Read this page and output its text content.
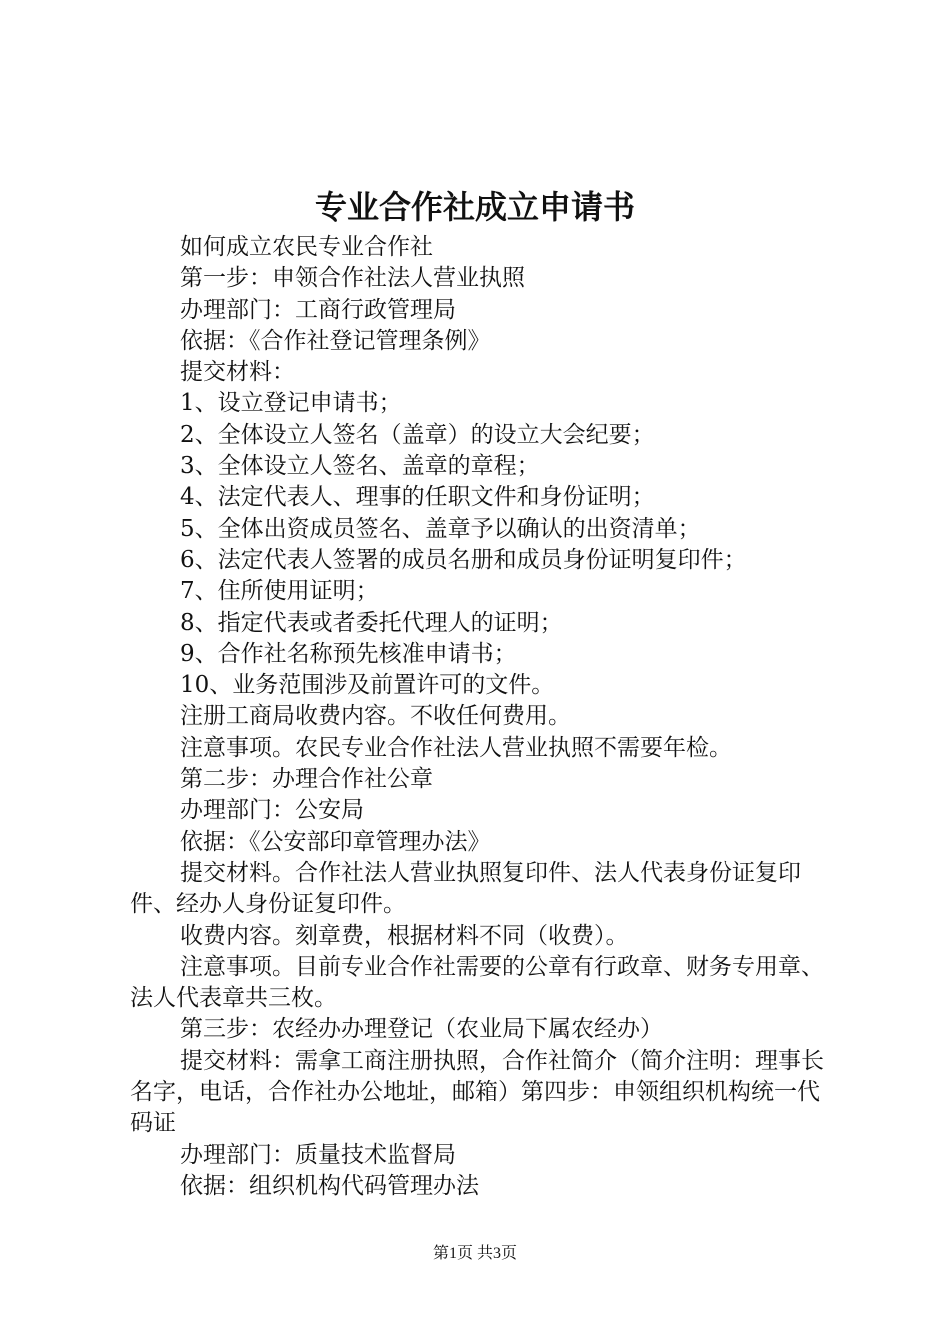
专业合作社成立申请书

如何成立农民专业合作社

第一步：申领合作社法人营业执照

办理部门：工商行政管理局

依据：《合作社登记管理条例》

提交材料：

1、设立登记申请书；

2、全体设立人签名（盖章）的设立大会纪要；

3、全体设立人签名、盖章的章程；

4、法定代表人、理事的任职文件和身份证明；

5、全体出资成员签名、盖章予以确认的出资清单；

6、法定代表人签署的成员名册和成员身份证明复印件；

7、住所使用证明；

8、指定代表或者委托代理人的证明；

9、合作社名称预先核准申请书；

10、业务范围涉及前置许可的文件。

注册工商局收费内容。不收任何费用。

注意事项。农民专业合作社法人营业执照不需要年检。

第二步：办理合作社公章

办理部门：公安局

依据：《公安部印章管理办法》

提交材料。合作社法人营业执照复印件、法人代表身份证复印件、经办人身份证复印件。

收费内容。刻章费，根据材料不同（收费）。

注意事项。目前专业合作社需要的公章有行政章、财务专用章、法人代表章共三枚。

第三步：农经办办理登记（农业局下属农经办）

提交材料：需拿工商注册执照，合作社简介（简介注明：理事长名字，电话，合作社办公地址，邮箱）第四步：申领组织机构统一代码证

办理部门：质量技术监督局

依据：组织机构代码管理办法

第1页 共3页
